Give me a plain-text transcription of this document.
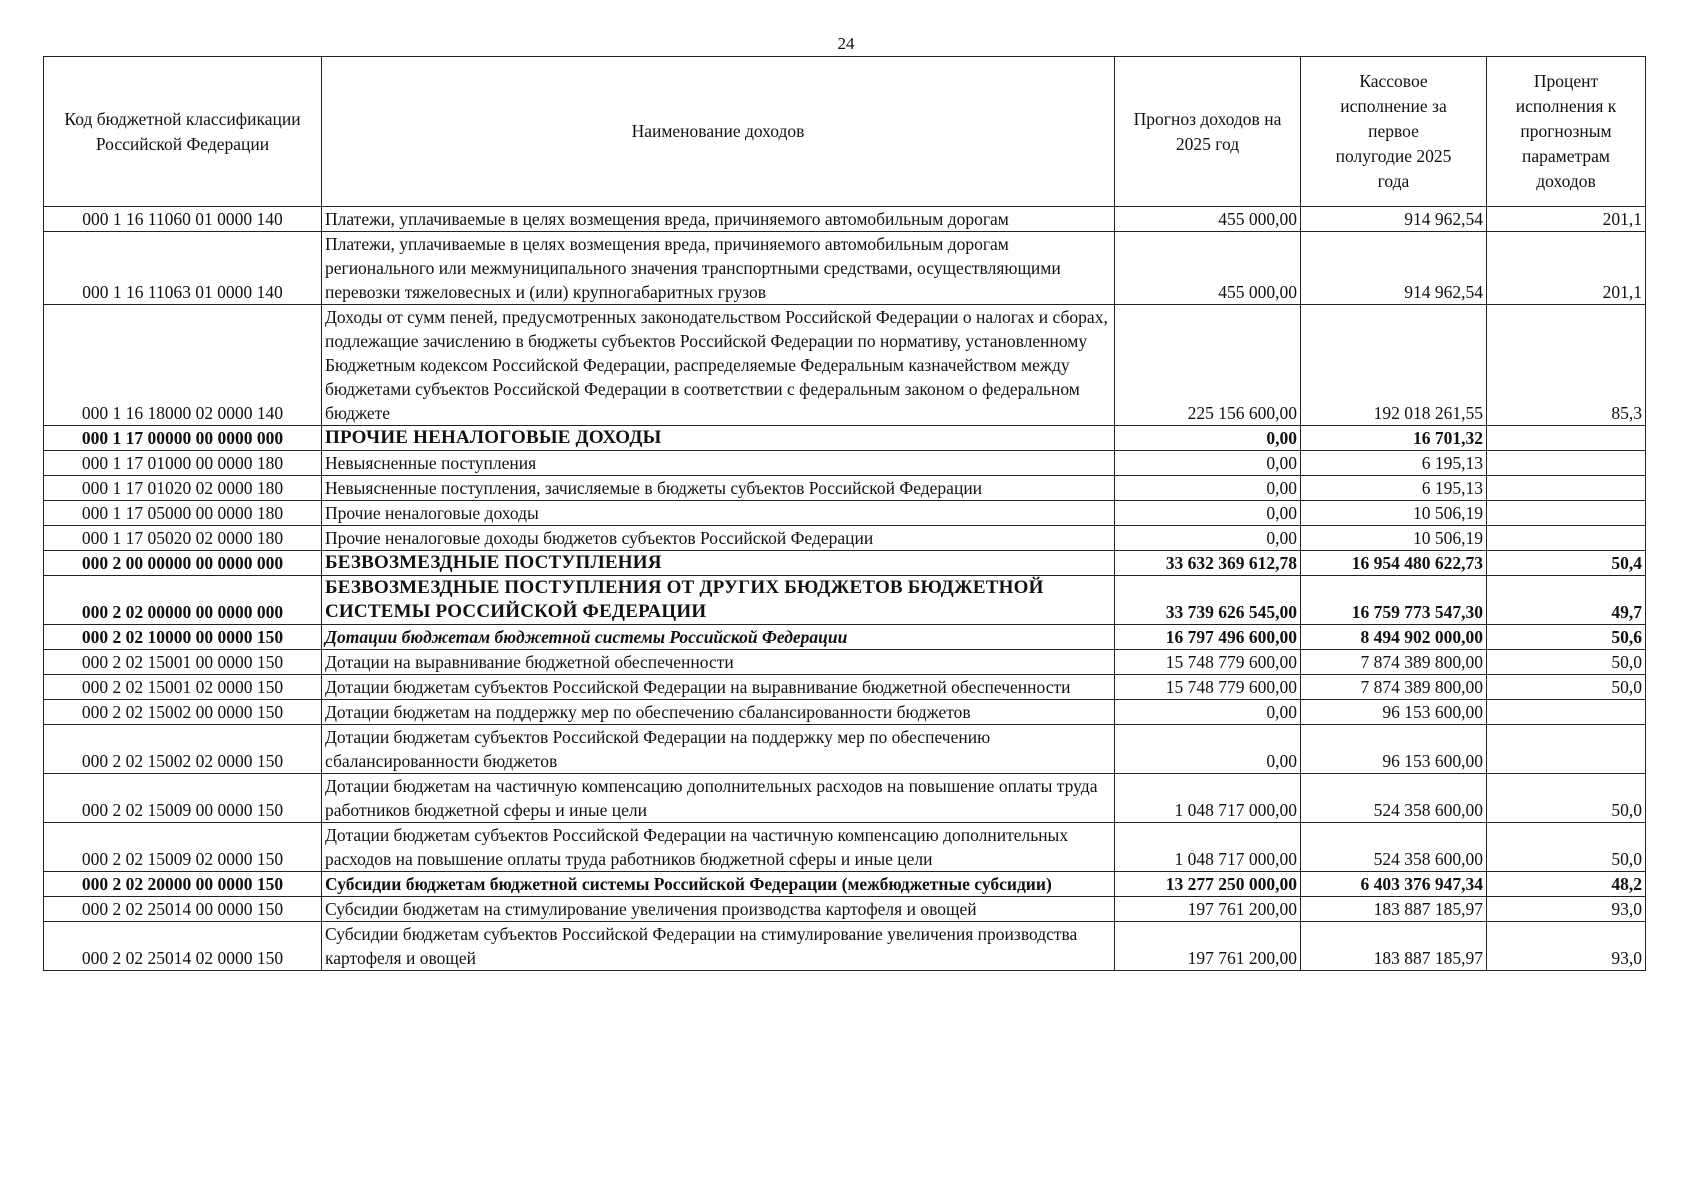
24
Код бюджетной классификации Российской Федерации	Наименование доходов	Прогноз доходов на 2025 год	Кассовое исполнение за первое полугодие 2025 года	Процент исполнения к прогнозным параметрам доходов
000 1 16 11060 01 0000 140	Платежи, уплачиваемые в целях возмещения вреда, причиняемого автомобильным дорогам	455 000,00	914 962,54	201,1
000 1 16 11063 01 0000 140	Платежи, уплачиваемые в целях возмещения вреда, причиняемого автомобильным дорогам регионального или межмуниципального значения транспортными средствами, осуществляющими перевозки тяжеловесных и (или) крупногабаритных грузов	455 000,00	914 962,54	201,1
000 1 16 18000 02 0000 140	Доходы от сумм пеней, предусмотренных законодательством Российской Федерации о налогах и сборах, подлежащие зачислению в бюджеты субъектов Российской Федерации по нормативу, установленному Бюджетным кодексом Российской Федерации, распределяемые Федеральным казначейством между бюджетами субъектов Российской Федерации в соответствии с федеральным законом о федеральном бюджете	225 156 600,00	192 018 261,55	85,3
000 1 17 00000 00 0000 000	ПРОЧИЕ НЕНАЛОГОВЫЕ ДОХОДЫ	0,00	16 701,32	
000 1 17 01000 00 0000 180	Невыясненные поступления	0,00	6 195,13	
000 1 17 01020 02 0000 180	Невыясненные поступления, зачисляемые в бюджеты субъектов Российской Федерации	0,00	6 195,13	
000 1 17 05000 00 0000 180	Прочие неналоговые доходы	0,00	10 506,19	
000 1 17 05020 02 0000 180	Прочие неналоговые доходы бюджетов субъектов Российской Федерации	0,00	10 506,19	
000 2 00 00000 00 0000 000	БЕЗВОЗМЕЗДНЫЕ ПОСТУПЛЕНИЯ	33 632 369 612,78	16 954 480 622,73	50,4
000 2 02 00000 00 0000 000	БЕЗВОЗМЕЗДНЫЕ ПОСТУПЛЕНИЯ ОТ ДРУГИХ БЮДЖЕТОВ БЮДЖЕТНОЙ СИСТЕМЫ РОССИЙСКОЙ ФЕДЕРАЦИИ	33 739 626 545,00	16 759 773 547,30	49,7
000 2 02 10000 00 0000 150	Дотации бюджетам бюджетной системы Российской Федерации	16 797 496 600,00	8 494 902 000,00	50,6
000 2 02 15001 00 0000 150	Дотации на выравнивание бюджетной обеспеченности	15 748 779 600,00	7 874 389 800,00	50,0
000 2 02 15001 02 0000 150	Дотации бюджетам субъектов Российской Федерации на выравнивание бюджетной обеспеченности	15 748 779 600,00	7 874 389 800,00	50,0
000 2 02 15002 00 0000 150	Дотации бюджетам на поддержку мер по обеспечению сбалансированности бюджетов	0,00	96 153 600,00	
000 2 02 15002 02 0000 150	Дотации бюджетам субъектов Российской Федерации на поддержку мер по обеспечению сбалансированности бюджетов	0,00	96 153 600,00	
000 2 02 15009 00 0000 150	Дотации бюджетам на частичную компенсацию дополнительных расходов на повышение оплаты труда работников бюджетной сферы и иные цели	1 048 717 000,00	524 358 600,00	50,0
000 2 02 15009 02 0000 150	Дотации бюджетам субъектов Российской Федерации на частичную компенсацию дополнительных расходов на повышение оплаты труда работников бюджетной сферы и иные цели	1 048 717 000,00	524 358 600,00	50,0
000 2 02 20000 00 0000 150	Субсидии бюджетам бюджетной системы Российской Федерации (межбюджетные субсидии)	13 277 250 000,00	6 403 376 947,34	48,2
000 2 02 25014 00 0000 150	Субсидии бюджетам на стимулирование увеличения производства картофеля и овощей	197 761 200,00	183 887 185,97	93,0
000 2 02 25014 02 0000 150	Субсидии бюджетам субъектов Российской Федерации на стимулирование увеличения производства картофеля и овощей	197 761 200,00	183 887 185,97	93,0
